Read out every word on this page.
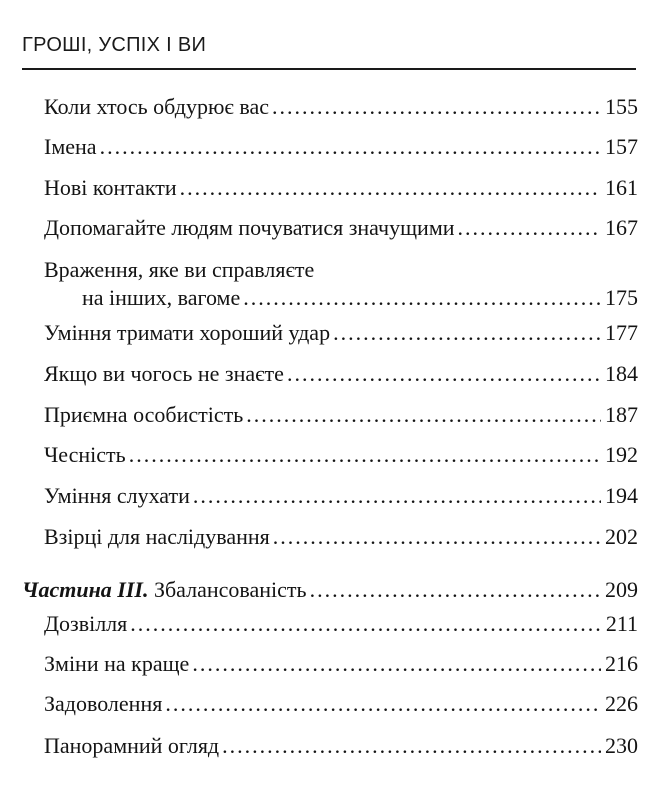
ГРОШІ, УСПІХ І ВИ
Коли хтось обдурює вас .....	155
Імена .....	157
Нові контакти .....	161
Допомагайте людям почуватися значущими .....	167
Враження, яке ви справляєте
на інших, вагоме .....	175
Уміння тримати хороший удар .....	177
Якщо ви чогось не знаєте .....	184
Приємна особистість .....	187
Чесність .....	192
Уміння слухати .....	194
Взірці для наслідування .....	202
Частина III. Збалансованість .....	209
Дозвілля .....	211
Зміни на краще .....	216
Задоволення .....	226
Панорамний огляд .....	230
